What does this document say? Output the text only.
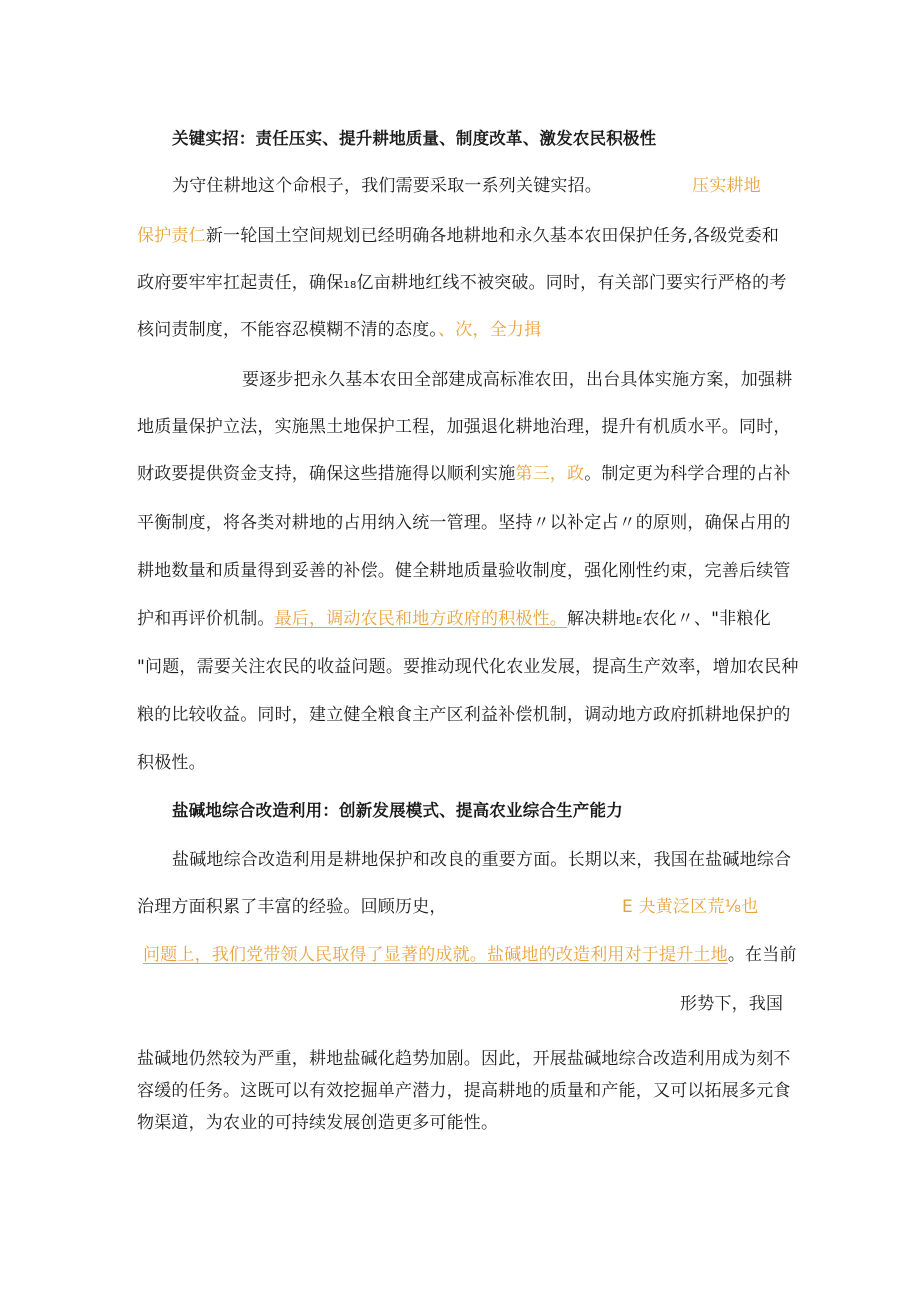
关键实招：责任压实、提升耕地质量、制度改革、激发农民积极性
为守住耕地这个命根子，我们需要采取一系列关键实招。	压实耕地
保护责仁新一轮国土空间规划已经明确各地耕地和永久基本农田保护任务,各级党委和
政府要牢牢扛起责任，确保18亿亩耕地红线不被突破。同时，有关部门要实行严格的考
核问责制度，不能容忍模糊不清的态度。、次，全力揖
要逐步把永久基本农田全部建成高标准农田，出台具体实施方案，加强耕
地质量保护立法，实施黑土地保护工程，加强退化耕地治理，提升有机质水平。同时，
财政要提供资金支持，确保这些措施得以顺利实施第三，政。制定更为科学合理的占补
平衡制度，将各类对耕地的占用纳入统一管理。坚持〃以补定占〃的原则，确保占用的
耕地数量和质量得到妥善的补偿。健全耕地质量验收制度，强化刚性约束，完善后续管
护和再评价机制。最后，调动农民和地方政府的积极性。解决耕地E农化〃、"非粮化
"问题，需要关注农民的收益问题。要推动现代化农业发展，提高生产效率，增加农民种
粮的比较收益。同时，建立健全粮食主产区利益补偿机制，调动地方政府抓耕地保护的
积极性。
盐碱地综合改造利用：创新发展模式、提高农业综合生产能力
盐碱地综合改造利用是耕地保护和改良的重要方面。长期以来，我国在盐碱地综合
治理方面积累了丰富的经验。回顾历史，	E 夬黄泛区荒⅛也
问题上，我们党带领人民取得了显著的成就。盐碱地的改造利用对于提升土地。在当前
形势下，我国
盐碱地仍然较为严重，耕地盐碱化趋势加剧。因此，开展盐碱地综合改造利用成为刻不
容缓的任务。这既可以有效挖掘单产潜力，提高耕地的质量和产能，又可以拓展多元食
物渠道，为农业的可持续发展创造更多可能性。
